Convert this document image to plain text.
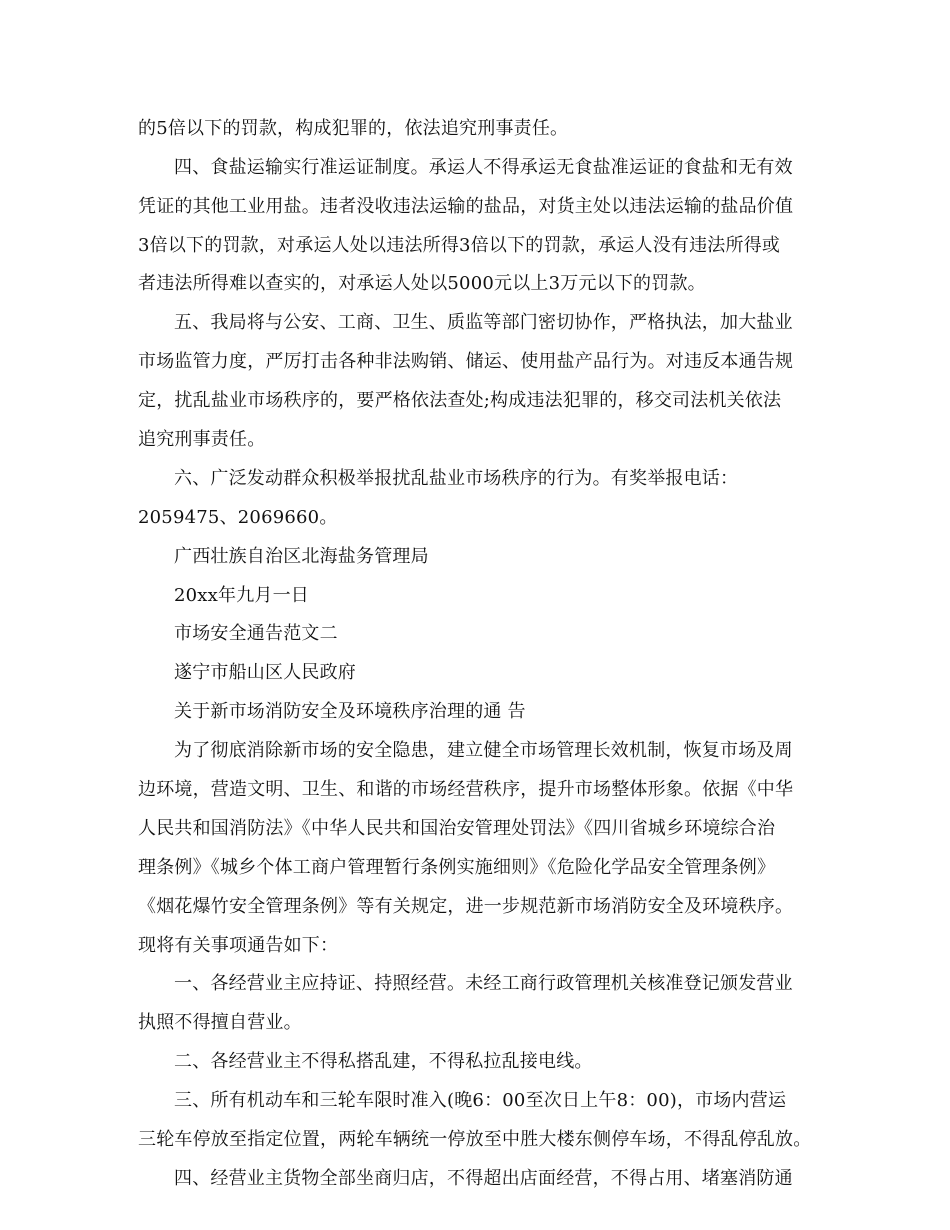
的5倍以下的罚款，构成犯罪的，依法追究刑事责任。
四、食盐运输实行准运证制度。承运人不得承运无食盐准运证的食盐和无有效
凭证的其他工业用盐。违者没收违法运输的盐品，对货主处以违法运输的盐品价值
3倍以下的罚款，对承运人处以违法所得3倍以下的罚款，承运人没有违法所得或
者违法所得难以查实的，对承运人处以5000元以上3万元以下的罚款。
五、我局将与公安、工商、卫生、质监等部门密切协作，严格执法，加大盐业
市场监管力度，严厉打击各种非法购销、储运、使用盐产品行为。对违反本通告规
定，扰乱盐业市场秩序的，要严格依法查处;构成违法犯罪的，移交司法机关依法
追究刑事责任。
六、广泛发动群众积极举报扰乱盐业市场秩序的行为。有奖举报电话：
2059475、2069660。
广西壮族自治区北海盐务管理局
20xx年九月一日
市场安全通告范文二
遂宁市船山区人民政府
关于新市场消防安全及环境秩序治理的通 告
为了彻底消除新市场的安全隐患，建立健全市场管理长效机制，恢复市场及周
边环境，营造文明、卫生、和谐的市场经营秩序，提升市场整体形象。依据《中华
人民共和国消防法》《中华人民共和国治安管理处罚法》《四川省城乡环境综合治
理条例》《城乡个体工商户管理暂行条例实施细则》《危险化学品安全管理条例》
《烟花爆竹安全管理条例》等有关规定，进一步规范新市场消防安全及环境秩序。
现将有关事项通告如下：
一、各经营业主应持证、持照经营。未经工商行政管理机关核准登记颁发营业
执照不得擅自营业。
二、各经营业主不得私搭乱建，不得私拉乱接电线。
三、所有机动车和三轮车限时准入(晚6：00至次日上午8：00)，市场内营运
三轮车停放至指定位置，两轮车辆统一停放至中胜大楼东侧停车场，不得乱停乱放。
四、经营业主货物全部坐商归店，不得超出店面经营，不得占用、堵塞消防通
